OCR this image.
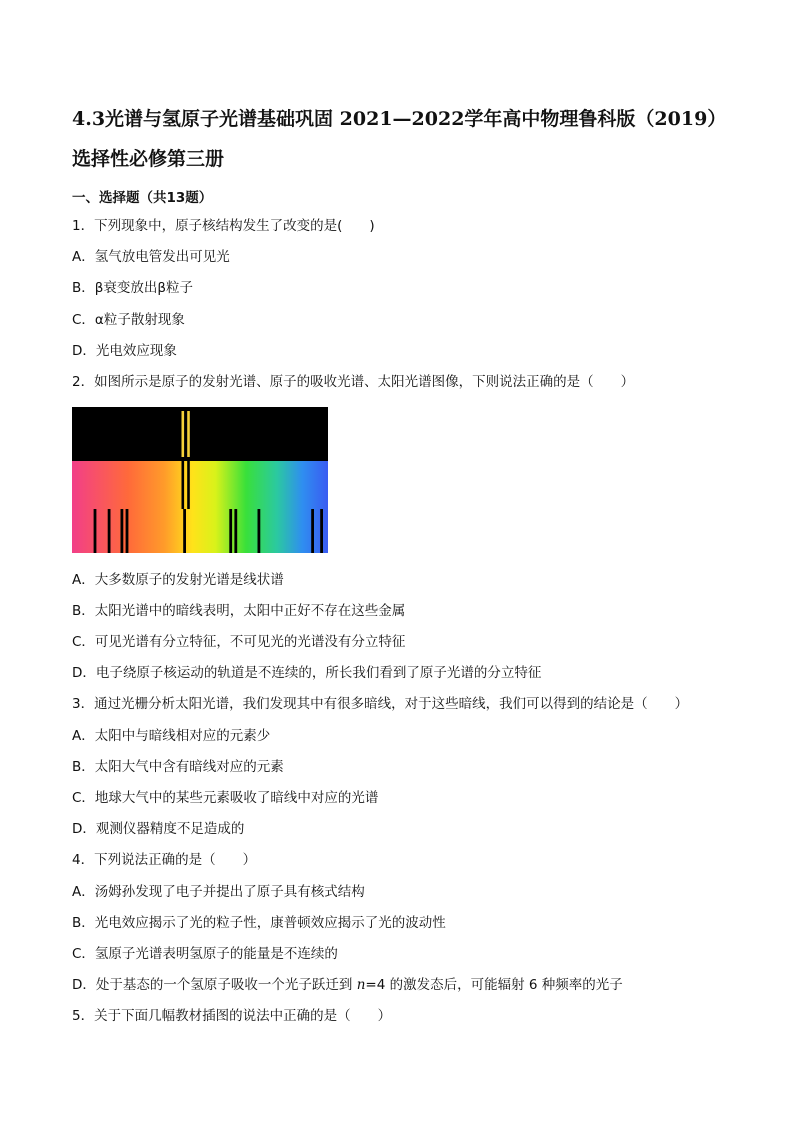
4.3光谱与氢原子光谱基础巩固 2021—2022学年高中物理鲁科版（2019）
选择性必修第三册
一、选择题（共13题）
1．下列现象中，原子核结构发生了改变的是(　　)
A．氢气放电管发出可见光
B．β衰变放出β粒子
C．α粒子散射现象
D．光电效应现象
2．如图所示是原子的发射光谱、原子的吸收光谱、太阳光谱图像，下则说法正确的是（　　）
A．大多数原子的发射光谱是线状谱
B．太阳光谱中的暗线表明，太阳中正好不存在这些金属
C．可见光谱有分立特征，不可见光的光谱没有分立特征
D．电子绕原子核运动的轨道是不连续的，所长我们看到了原子光谱的分立特征
3．通过光栅分析太阳光谱，我们发现其中有很多暗线，对于这些暗线，我们可以得到的结论是（　　）
A．太阳中与暗线相对应的元素少
B．太阳大气中含有暗线对应的元素
C．地球大气中的某些元素吸收了暗线中对应的光谱
D．观测仪器精度不足造成的
4．下列说法正确的是（　　）
A．汤姆孙发现了电子并提出了原子具有核式结构
B．光电效应揭示了光的粒子性，康普顿效应揭示了光的波动性
C．氢原子光谱表明氢原子的能量是不连续的
D．处于基态的一个氢原子吸收一个光子跃迁到 n=4 的激发态后，可能辐射 6 种频率的光子
5．关于下面几幅教材插图的说法中正确的是（　　）
